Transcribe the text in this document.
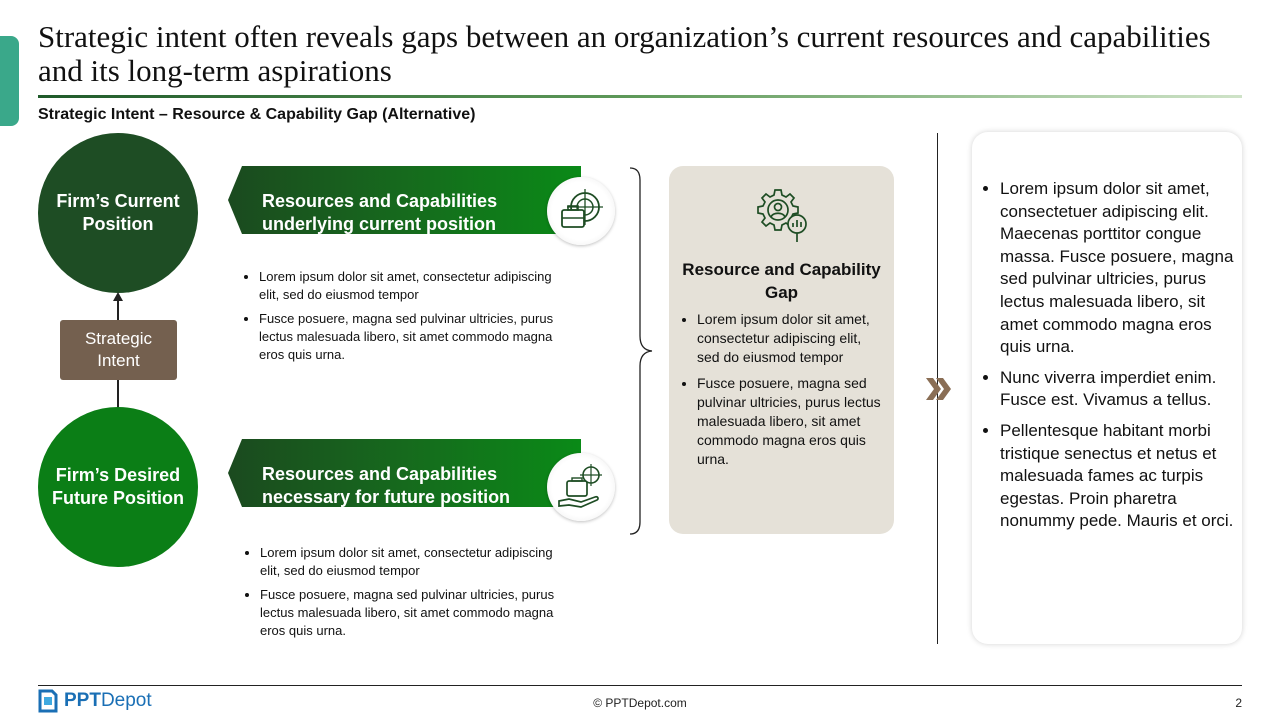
Strategic intent often reveals gaps between an organization’s current resources and capabilities and its long-term aspirations
Strategic Intent – Resource & Capability Gap (Alternative)
Firm’s Current Position
Strategic Intent
Firm’s Desired Future Position
Resources and Capabilities underlying current position
• Lorem ipsum dolor sit amet, consectetur adipiscing elit, sed do eiusmod tempor
• Fusce posuere, magna sed pulvinar ultricies, purus lectus malesuada libero, sit amet commodo magna eros quis urna.
Resources and Capabilities necessary for future position
• Lorem ipsum dolor sit amet, consectetur adipiscing elit, sed do eiusmod tempor
• Fusce posuere, magna sed pulvinar ultricies, purus lectus malesuada libero, sit amet commodo magna eros quis urna.
Resource and Capability Gap
• Lorem ipsum dolor sit amet, consectetur adipiscing elit, sed do eiusmod tempor
• Fusce posuere, magna sed pulvinar ultricies, purus lectus malesuada libero, sit amet commodo magna eros quis urna.
• Lorem ipsum dolor sit amet, consectetuer adipiscing elit. Maecenas porttitor congue massa. Fusce posuere, magna sed pulvinar ultricies, purus lectus malesuada libero, sit amet commodo magna eros quis urna.
• Nunc viverra imperdiet enim. Fusce est. Vivamus a tellus.
• Pellentesque habitant morbi tristique senectus et netus et malesuada fames ac turpis egestas. Proin pharetra nonummy pede. Mauris et orci.
PPT Depot	© PPTDepot.com	2
